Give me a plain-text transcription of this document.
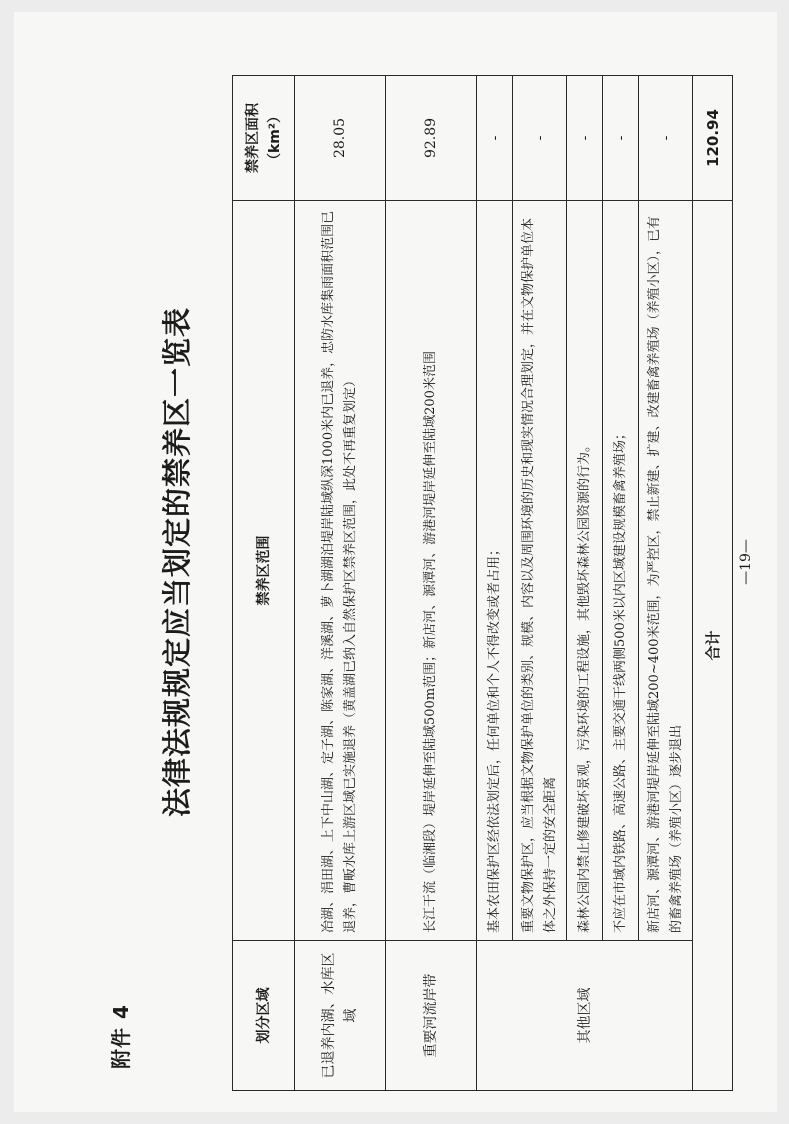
附件 4
法律法规规定应当划定的禁养区一览表
划分区域	禁养区范围	禁养区面积（km²）
已退养内湖、水库区域	冶湖、涓田湖、上下中山湖、定子湖、陈家湖、洋溪湖、萝卜湖湖泊堤岸陆域纵深1000米内已退养，忠防水库集雨面积范围已退养，曹畈水库上游区域已实施退养（黄盖湖已纳入自然保护区禁养区范围，此处不再重复划定）	28.05
重要河流岸带	长江干流（临湘段）堤岸延伸至陆域500m范围；新店河、源潭河、游港河堤岸延伸至陆域200米范围	92.89
其他区域	基本农田保护区经依法划定后，任何单位和个人不得改变或者占用；	-
	重要文物保护区，应当根据文物保护单位的类别、规模、内容以及周围环境的历史和现实情况合理划定，并在文物保护单位本体之外保持一定的安全距离	-
	森林公园内禁止修建破坏景观，污染环境的工程设施，其他毁坏森林公园资源的行为。	-
	不应在市域内铁路、高速公路、主要交通干线两侧500米以内区域建设规模畜禽养殖场；	-
	新店河、源潭河、游港河堤岸延伸至陆域200~400米范围，为严控区，禁止新建、扩建、改建畜禽养殖场（养殖小区），已有的畜禽养殖场（养殖小区）逐步退出	-
合计		120.94
—19—
